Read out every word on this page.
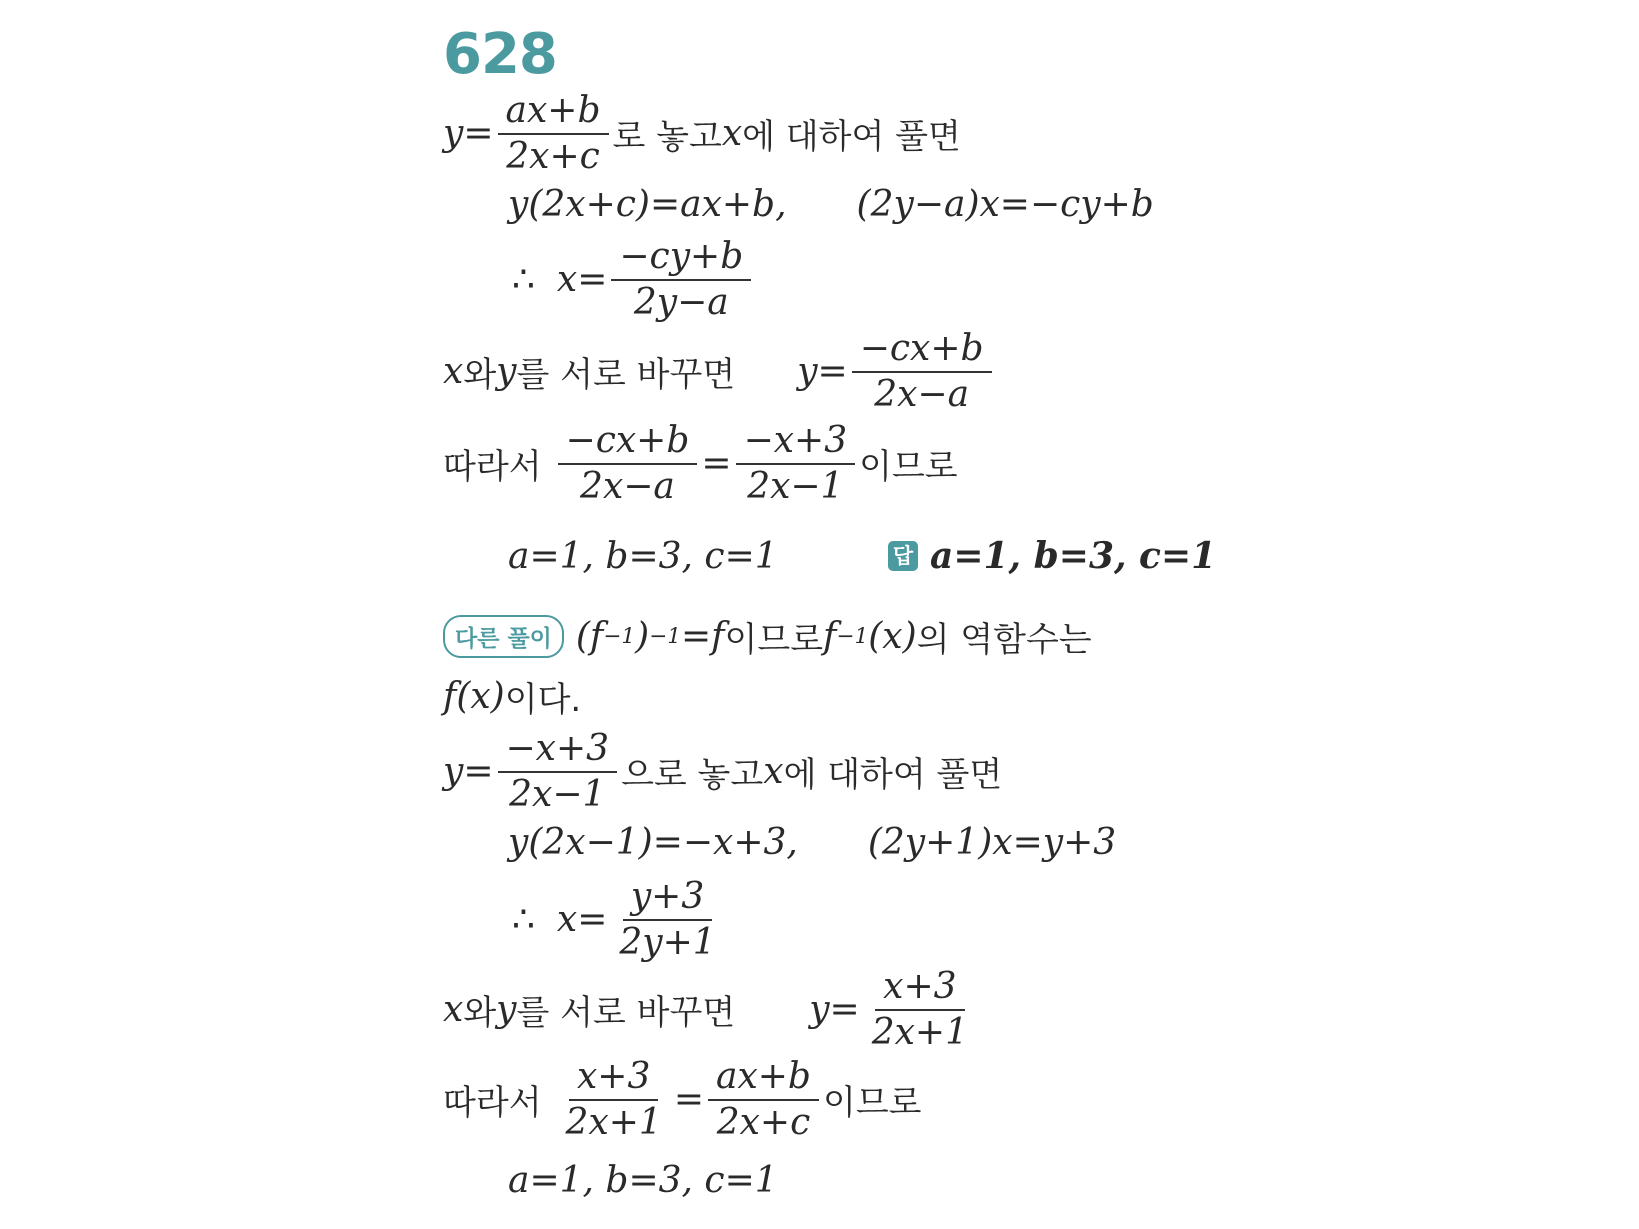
628
$y= \frac{ax+b}{2x+c}$ 로 놓고 x 에 대하여 풀면
y(2x+c)=ax+b, (2y−a)x=−cy+b
∴ $x= \frac{-cy+b}{2y-a}$
x 와 y 를 서로 바꾸면 $y= \frac{-cx+b}{2x-a}$
따라서 $\frac{-cx+b}{2x-a} = \frac{-x+3}{2x-1}$ 이므로
a=1, b=3, c=1	답 a=1, b=3, c=1
다른 풀이 (f −1 ) −1 =f 이므로 f −1 (x) 의 역함수는
f(x) 이다.
$y= \frac{-x+3}{2x-1}$ 으로 놓고 x 에 대하여 풀면
y(2x−1)=−x+3, (2y+1)x=y+3
∴ $x= \frac{y+3}{2y+1}$
x 와 y 를 서로 바꾸면 $y= \frac{x+3}{2x+1}$
따라서 $\frac{x+3}{2x+1} = \frac{ax+b}{2x+c}$ 이므로
a=1, b=3, c=1
